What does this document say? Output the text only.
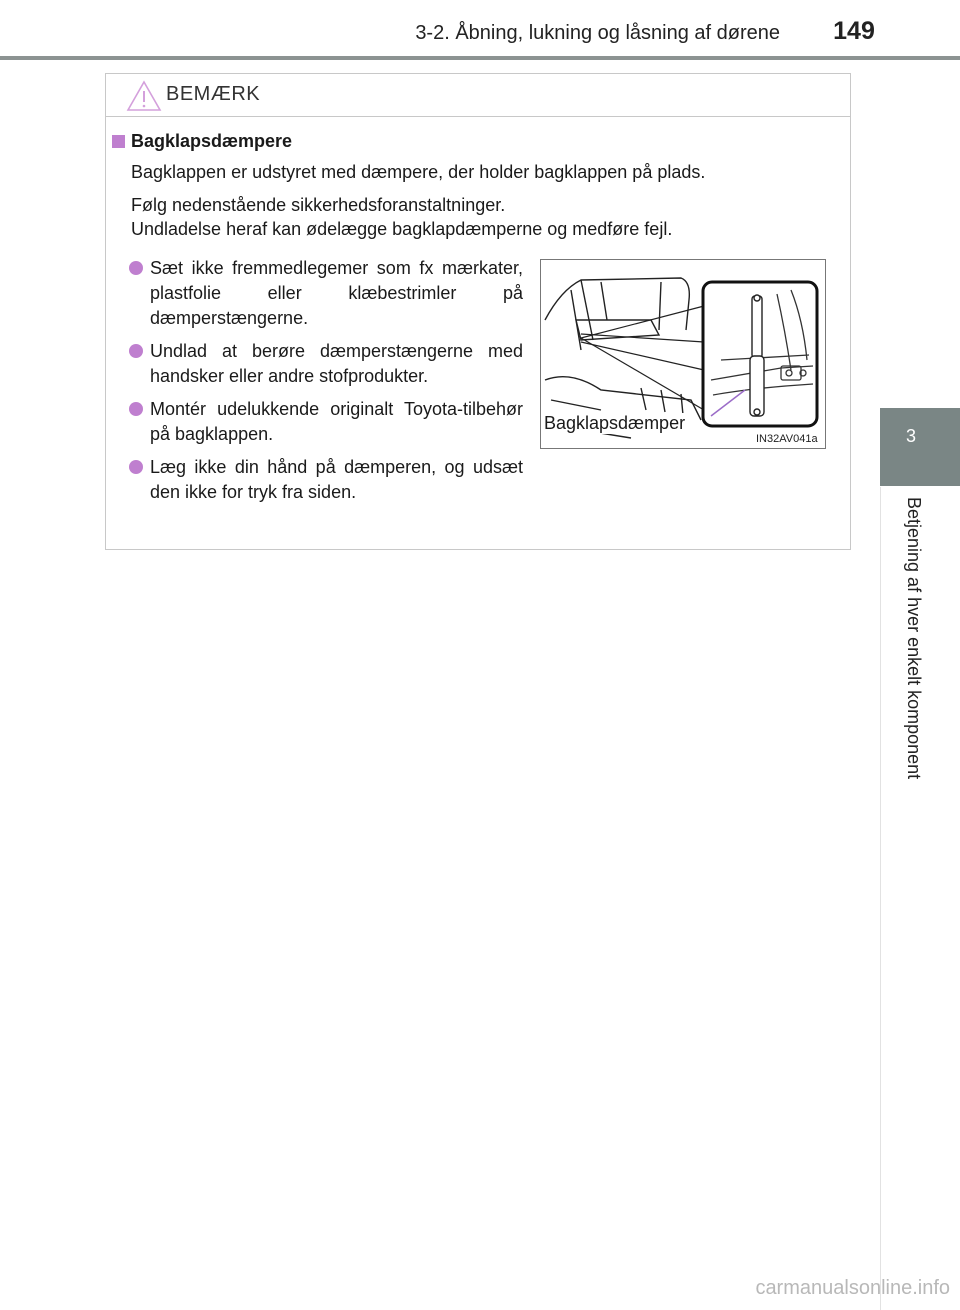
3-2. Åbning, lukning og låsning af dørene	149
3
Betjening af hver enkelt komponent
BEMÆRK
Bagklapsdæmpere
Bagklappen er udstyret med dæmpere, der holder bagklappen på plads.
Følg nedenstående sikkerhedsforanstaltninger.
Undladelse heraf kan ødelægge bagklapdæmperne og medføre fejl.
Sæt ikke fremmedlegemer som fx mærkater, plastfolie eller klæbestrimler på dæmperstængerne.
Undlad at berøre dæmperstængerne med handsker eller andre stofprodukter.
Montér udelukkende originalt Toyota-tilbehør på bagklappen.
Læg ikke din hånd på dæmperen, og udsæt den ikke for tryk fra siden.
Bagklapsdæmper
IN32AV041a
carmanualsonline.info
